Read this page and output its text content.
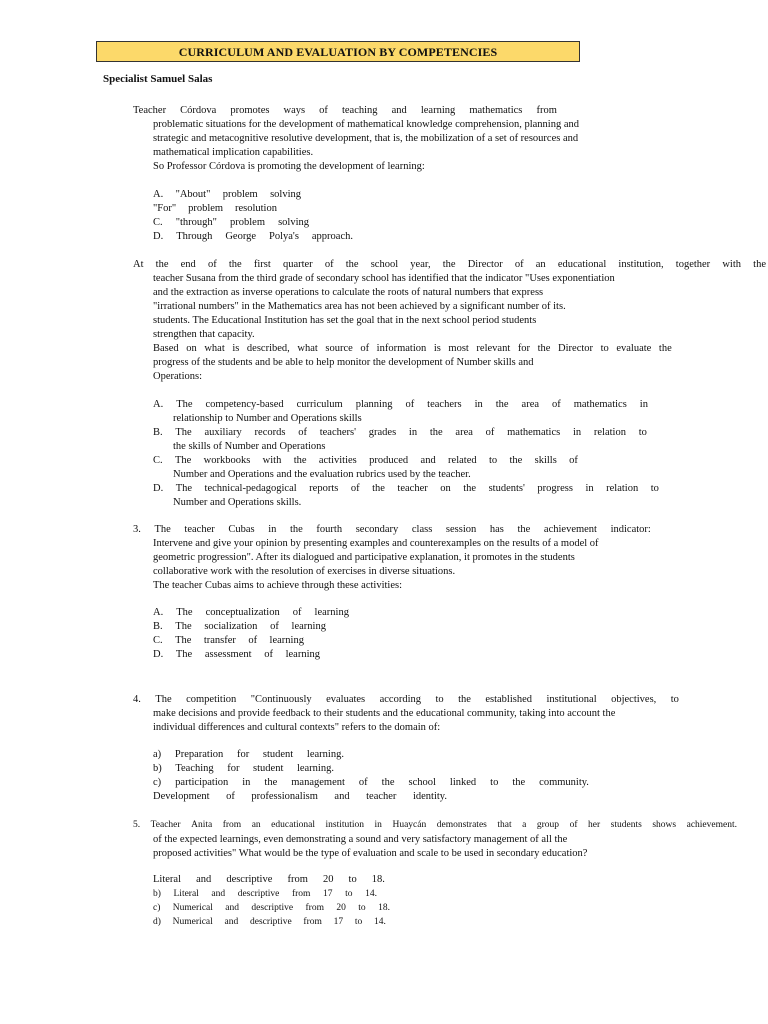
CURRICULUM AND EVALUATION BY COMPETENCIES
Specialist Samuel Salas
Teacher Córdova promotes ways of teaching and learning mathematics from
problematic situations for the development of mathematical knowledge comprehension, planning and
strategic and metacognitive resolutive development, that is, the mobilization of a set of resources and
mathematical implication capabilities.
So Professor Córdova is promoting the development of learning:
A. "About" problem solving
"For" problem resolution
C. "through" problem solving
D. Through George Polya's approach.
At the end of the first quarter of the school year, the Director of an educational institution, together with the
teacher Susana from the third grade of secondary school has identified that the indicator "Uses exponentiation
and the extraction as inverse operations to calculate the roots of natural numbers that express
"irrational numbers" in the Mathematics area has not been achieved by a significant number of its.
students. The Educational Institution has set the goal that in the next school period students
strengthen that capacity.
Based on what is described, what source of information is most relevant for the Director to evaluate the
progress of the students and be able to help monitor the development of Number skills and
Operations:
A. The competency-based curriculum planning of teachers in the area of mathematics in
relationship to Number and Operations skills
B. The auxiliary records of teachers' grades in the area of mathematics in relation to
the skills of Number and Operations
C. The workbooks with the activities produced and related to the skills of
Number and Operations and the evaluation rubrics used by the teacher.
D. The technical-pedagogical reports of the teacher on the students' progress in relation to
Number and Operations skills.
3. The teacher Cubas in the fourth secondary class session has the achievement indicator:
Intervene and give your opinion by presenting examples and counterexamples on the results of a model of
geometric progression". After its dialogued and participative explanation, it promotes in the students
collaborative work with the resolution of exercises in diverse situations.
The teacher Cubas aims to achieve through these activities:
A. The conceptualization of learning
B. The socialization of learning
C. The transfer of learning
D. The assessment of learning
4. The competition "Continuously evaluates according to the established institutional objectives, to
make decisions and provide feedback to their students and the educational community, taking into account the
individual differences and cultural contexts" refers to the domain of:
a) Preparation for student learning.
b) Teaching for student learning.
c) participation in the management of the school linked to the community.
Development of professionalism and teacher identity.
5. Teacher Anita from an educational institution in Huaycán demonstrates that a group of her students shows achievement.
of the expected learnings, even demonstrating a sound and very satisfactory management of all the
proposed activities" What would be the type of evaluation and scale to be used in secondary education?
Literal and descriptive from 20 to 18.
b) Literal and descriptive from 17 to 14.
c) Numerical and descriptive from 20 to 18.
d) Numerical and descriptive from 17 to 14.
